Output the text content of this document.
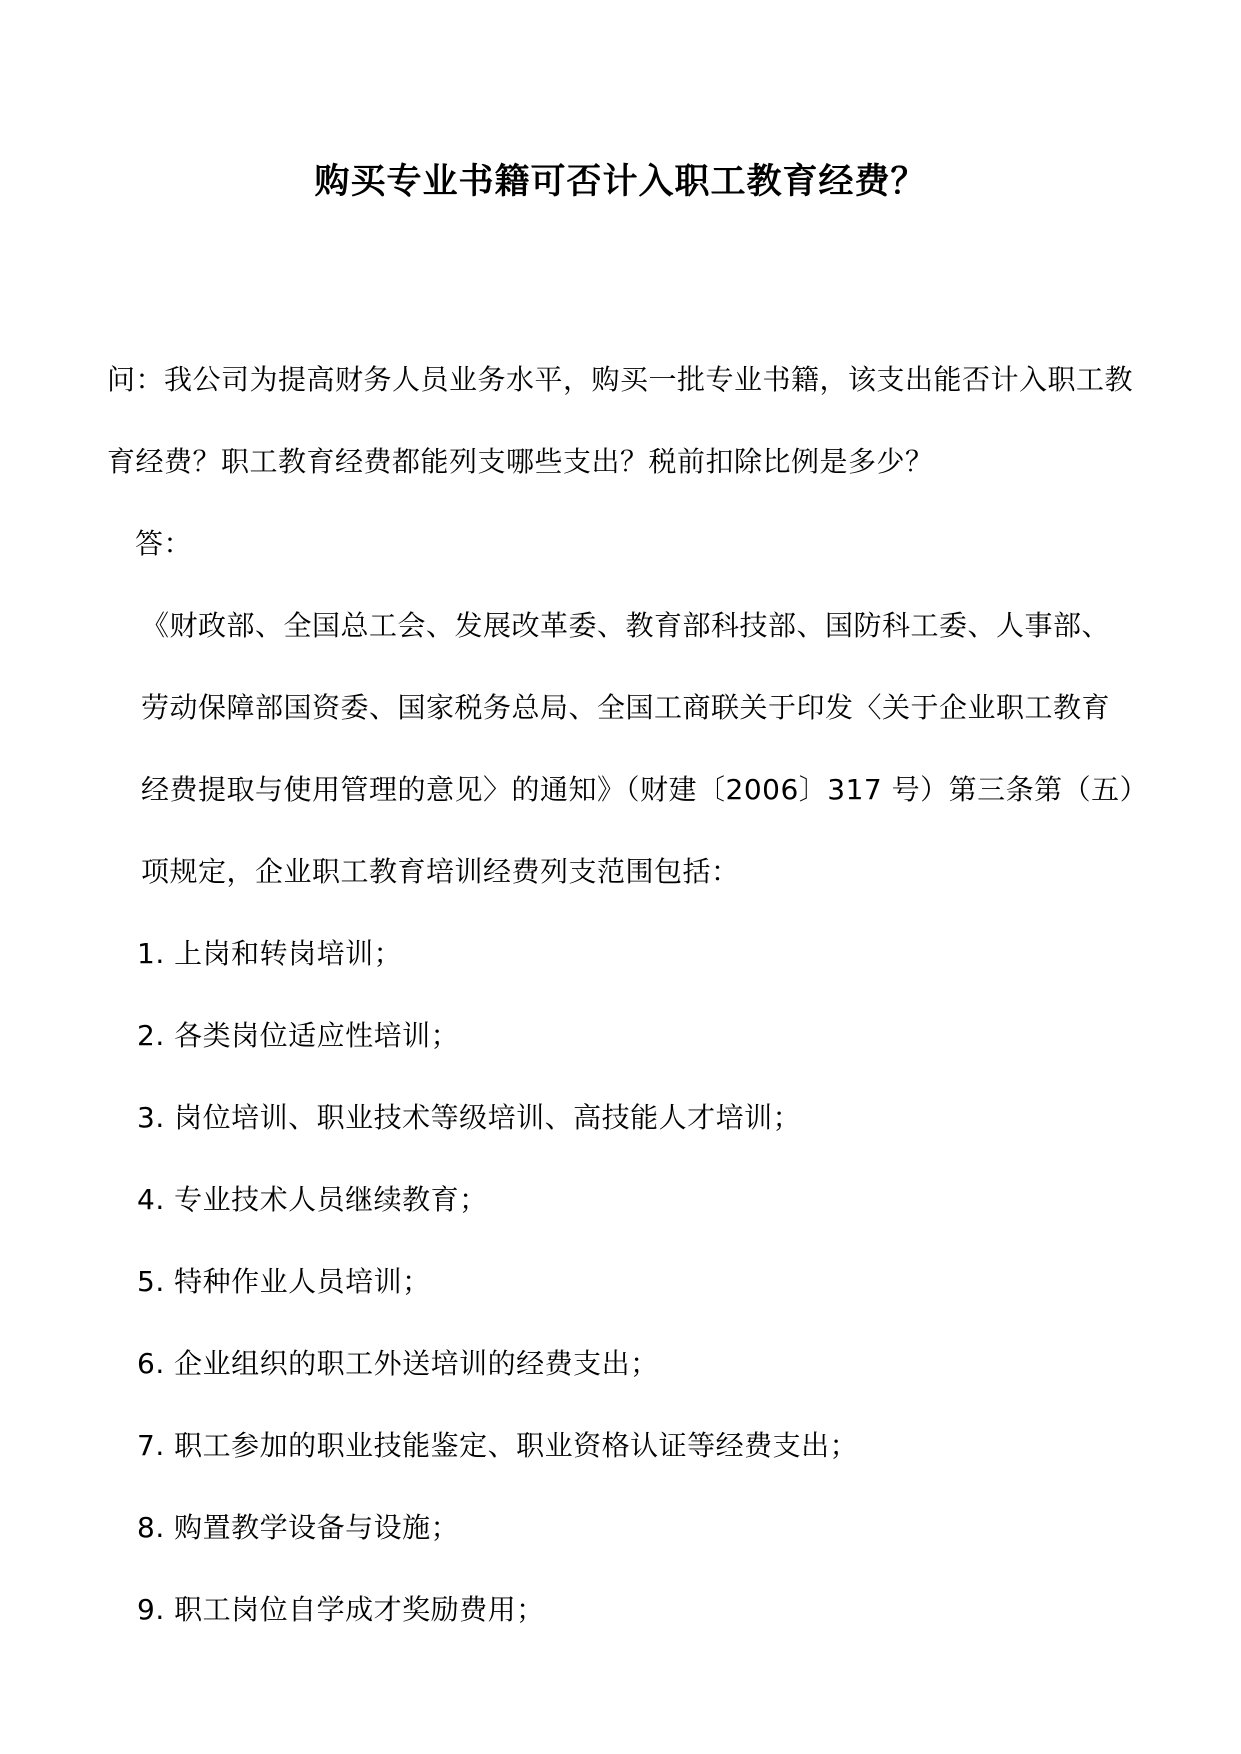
购买专业书籍可否计入职工教育经费？

问：我公司为提高财务人员业务水平，购买一批专业书籍，该支出能否计入职工教育经费？职工教育经费都能列支哪些支出？税前扣除比例是多少？

答：

《财政部、全国总工会、发展改革委、教育部科技部、国防科工委、人事部、劳动保障部国资委、国家税务总局、全国工商联关于印发〈关于企业职工教育经费提取与使用管理的意见〉的通知》（财建〔2006〕317 号）第三条第（五）项规定，企业职工教育培训经费列支范围包括：

1. 上岗和转岗培训；

2. 各类岗位适应性培训；

3. 岗位培训、职业技术等级培训、高技能人才培训；

4. 专业技术人员继续教育；

5. 特种作业人员培训；

6. 企业组织的职工外送培训的经费支出；

7. 职工参加的职业技能鉴定、职业资格认证等经费支出；

8. 购置教学设备与设施；

9. 职工岗位自学成才奖励费用；
